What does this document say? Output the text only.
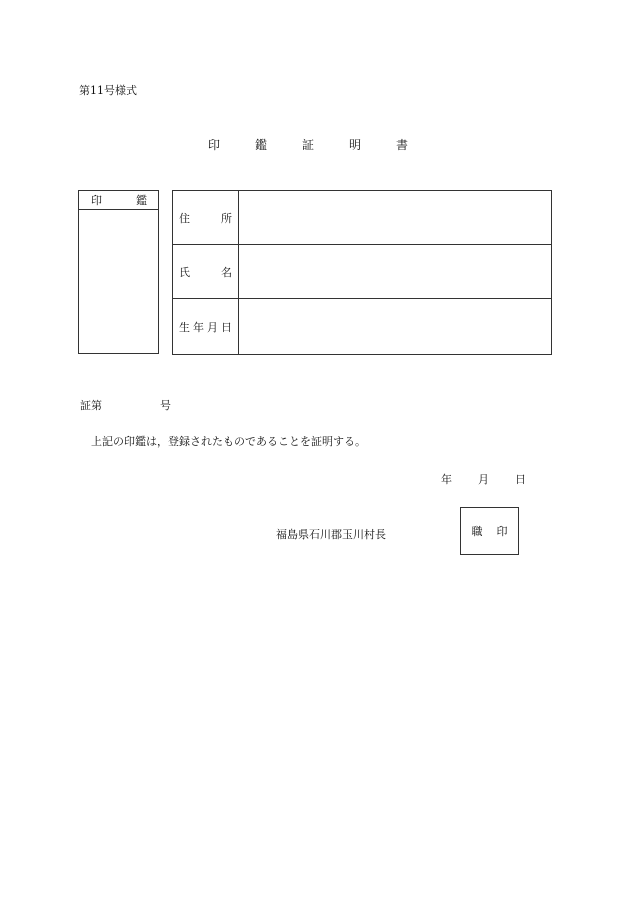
第11号様式
印	鑑	証	明	書
印	鑑
住	所
氏	名
生 年 月 日
証第	号
上記の印鑑は，登録されたものであることを証明する。
年	月	日
福島県石川郡玉川村長	職 印
